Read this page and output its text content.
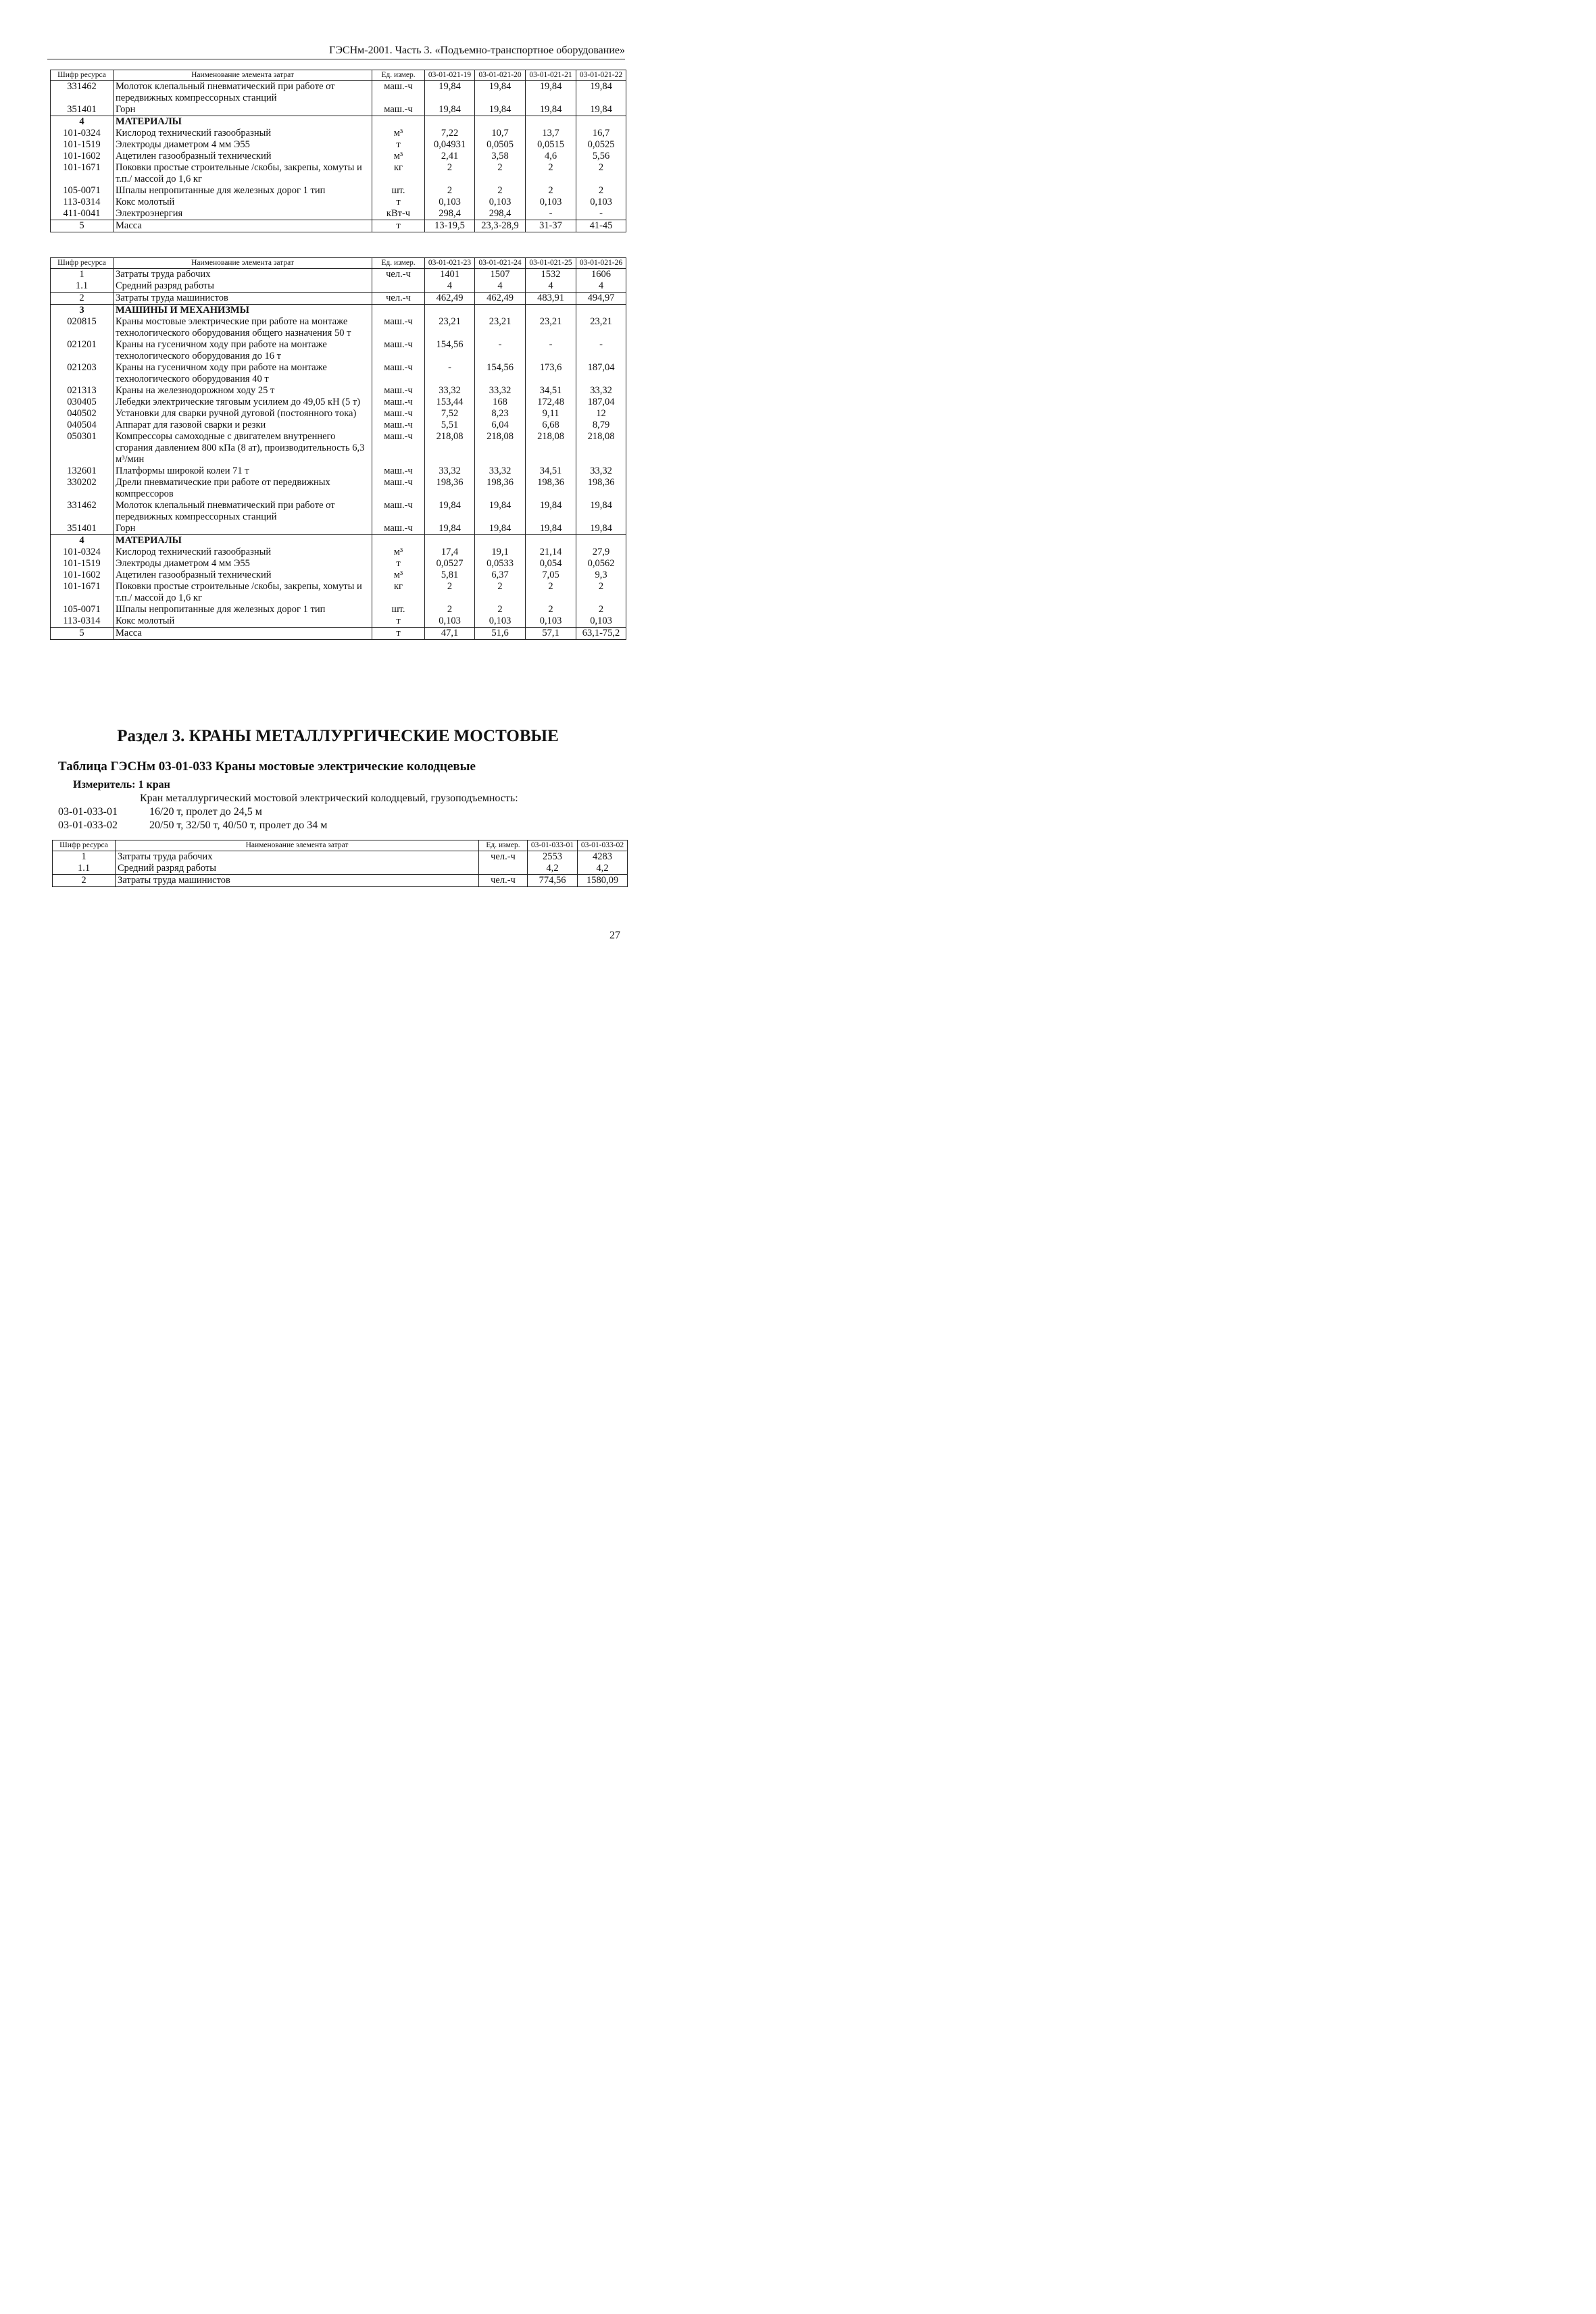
ГЭСНм-2001. Часть 3. «Подъемно-транспортное оборудование»
Шифр ресурса	Наименование элемента затрат	Ед. измер.	03-01-021-19	03-01-021-20	03-01-021-21	03-01-021-22
331462	Молоток клепальный пневматический при работе от передвижных компрессорных станций	маш.-ч	19,84	19,84	19,84	19,84
351401	Горн	маш.-ч	19,84	19,84	19,84	19,84
4	МАТЕРИАЛЫ					
101-0324	Кислород технический газообразный	м³	7,22	10,7	13,7	16,7
101-1519	Электроды диаметром 4 мм Э55	т	0,04931	0,0505	0,0515	0,0525
101-1602	Ацетилен газообразный технический	м³	2,41	3,58	4,6	5,56
101-1671	Поковки простые строительные /скобы, закрепы, хомуты и т.п./ массой до 1,6 кг	кг	2	2	2	2
105-0071	Шпалы непропитанные для железных дорог 1 тип	шт.	2	2	2	2
113-0314	Кокс молотый	т	0,103	0,103	0,103	0,103
411-0041	Электроэнергия	кВт-ч	298,4	298,4	-	-
5	Масса	т	13-19,5	23,3-28,9	31-37	41-45
Шифр ресурса	Наименование элемента затрат	Ед. измер.	03-01-021-23	03-01-021-24	03-01-021-25	03-01-021-26
1	Затраты труда рабочих	чел.-ч	1401	1507	1532	1606
1.1	Средний разряд работы		4	4	4	4
2	Затраты труда машинистов	чел.-ч	462,49	462,49	483,91	494,97
3	МАШИНЫ И МЕХАНИЗМЫ					
020815	Краны мостовые электрические при работе на монтаже технологического оборудования общего назначения 50 т	маш.-ч	23,21	23,21	23,21	23,21
021201	Краны на гусеничном ходу при работе на монтаже технологического оборудования до 16 т	маш.-ч	154,56	-	-	-
021203	Краны на гусеничном ходу при работе на монтаже технологического оборудования 40 т	маш.-ч	-	154,56	173,6	187,04
021313	Краны на железнодорожном ходу 25 т	маш.-ч	33,32	33,32	34,51	33,32
030405	Лебедки электрические тяговым усилием до 49,05 кН (5 т)	маш.-ч	153,44	168	172,48	187,04
040502	Установки для сварки ручной дуговой (постоянного тока)	маш.-ч	7,52	8,23	9,11	12
040504	Аппарат для газовой сварки и резки	маш.-ч	5,51	6,04	6,68	8,79
050301	Компрессоры самоходные с двигателем внутреннего сгорания давлением 800 кПа (8 ат), производительность 6,3 м³/мин	маш.-ч	218,08	218,08	218,08	218,08
132601	Платформы широкой колеи 71 т	маш.-ч	33,32	33,32	34,51	33,32
330202	Дрели пневматические при работе от передвижных компрессоров	маш.-ч	198,36	198,36	198,36	198,36
331462	Молоток клепальный пневматический при работе от передвижных компрессорных станций	маш.-ч	19,84	19,84	19,84	19,84
351401	Горн	маш.-ч	19,84	19,84	19,84	19,84
4	МАТЕРИАЛЫ					
101-0324	Кислород технический газообразный	м³	17,4	19,1	21,14	27,9
101-1519	Электроды диаметром 4 мм Э55	т	0,0527	0,0533	0,054	0,0562
101-1602	Ацетилен газообразный технический	м³	5,81	6,37	7,05	9,3
101-1671	Поковки простые строительные /скобы, закрепы, хомуты и т.п./ массой до 1,6 кг	кг	2	2	2	2
105-0071	Шпалы непропитанные для железных дорог 1 тип	шт.	2	2	2	2
113-0314	Кокс молотый	т	0,103	0,103	0,103	0,103
5	Масса	т	47,1	51,6	57,1	63,1-75,2
Раздел 3. КРАНЫ МЕТАЛЛУРГИЧЕСКИЕ МОСТОВЫЕ
Таблица ГЭСНм 03-01-033 Краны мостовые электрические колодцевые
Измеритель: 1 кран
Кран металлургический мостовой электрический колодцевый, грузоподъемность:
03-01-033-01	16/20 т, пролет до 24,5 м
03-01-033-02	20/50 т, 32/50 т, 40/50 т, пролет до 34 м
Шифр ресурса	Наименование элемента затрат	Ед. измер.	03-01-033-01	03-01-033-02
1	Затраты труда рабочих	чел.-ч	2553	4283
1.1	Средний разряд работы		4,2	4,2
2	Затраты труда машинистов	чел.-ч	774,56	1580,09
27
